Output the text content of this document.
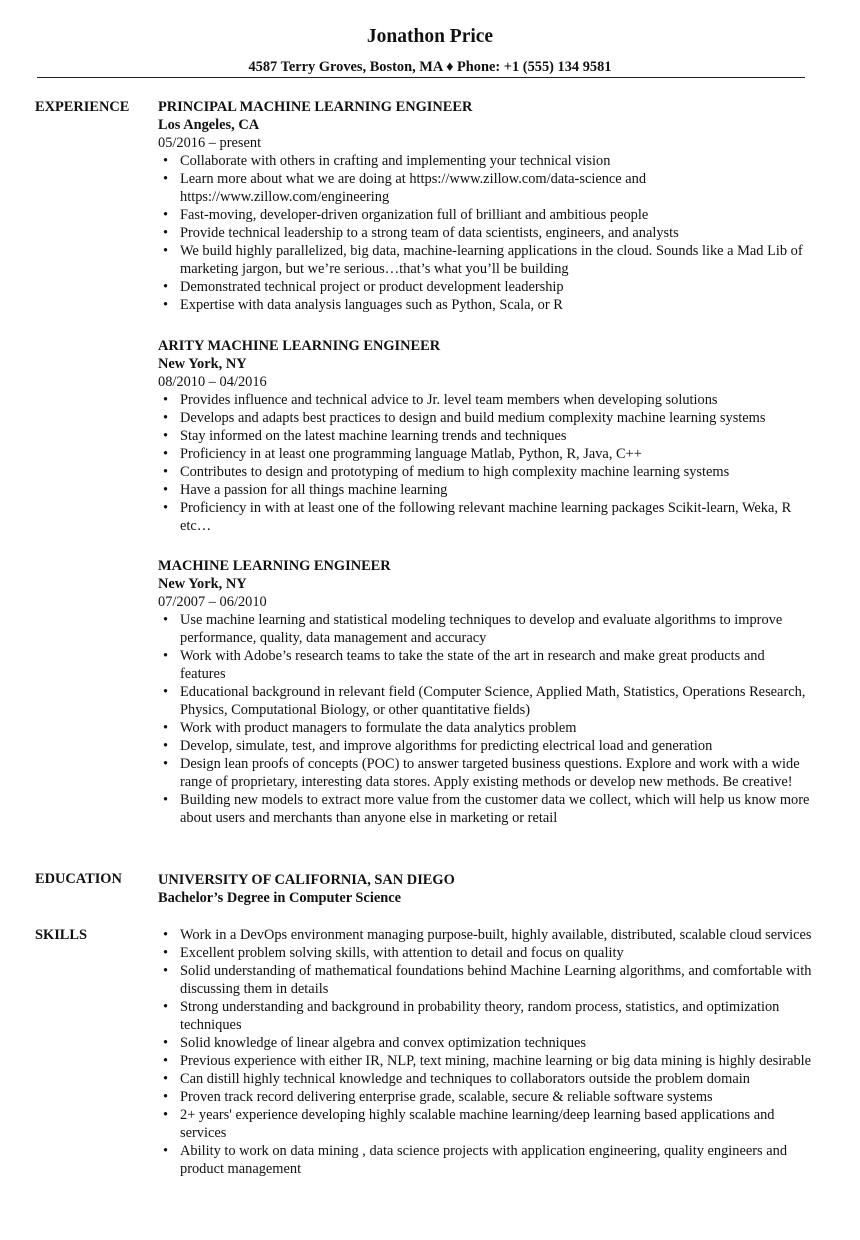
Jonathon Price
4587 Terry Groves, Boston, MA ♦ Phone: +1 (555) 134 9581
EXPERIENCE PRINCIPAL MACHINE LEARNING ENGINEER
Los Angeles, CA
05/2016 – present
• Collaborate with others in crafting and implementing your technical vision
• Learn more about what we are doing at https://www.zillow.com/data-science and https://www.zillow.com/engineering
• Fast-moving, developer-driven organization full of brilliant and ambitious people
• Provide technical leadership to a strong team of data scientists, engineers, and analysts
• We build highly parallelized, big data, machine-learning applications in the cloud. Sounds like a Mad Lib of marketing jargon, but we’re serious…that’s what you’ll be building
• Demonstrated technical project or product development leadership
• Expertise with data analysis languages such as Python, Scala, or R
ARITY MACHINE LEARNING ENGINEER
New York, NY
08/2010 – 04/2016
• Provides influence and technical advice to Jr. level team members when developing solutions
• Develops and adapts best practices to design and build medium complexity machine learning systems
• Stay informed on the latest machine learning trends and techniques
• Proficiency in at least one programming language Matlab, Python, R, Java, C++
• Contributes to design and prototyping of medium to high complexity machine learning systems
• Have a passion for all things machine learning
• Proficiency in with at least one of the following relevant machine learning packages Scikit-learn, Weka, R etc…
MACHINE LEARNING ENGINEER
New York, NY
07/2007 – 06/2010
• Use machine learning and statistical modeling techniques to develop and evaluate algorithms to improve performance, quality, data management and accuracy
• Work with Adobe’s research teams to take the state of the art in research and make great products and features
• Educational background in relevant field (Computer Science, Applied Math, Statistics, Operations Research, Physics, Computational Biology, or other quantitative fields)
• Work with product managers to formulate the data analytics problem
• Develop, simulate, test, and improve algorithms for predicting electrical load and generation
• Design lean proofs of concepts (POC) to answer targeted business questions. Explore and work with a wide range of proprietary, interesting data stores. Apply existing methods or develop new methods. Be creative!
• Building new models to extract more value from the customer data we collect, which will help us know more about users and merchants than anyone else in marketing or retail
EDUCATION	UNIVERSITY OF CALIFORNIA, SAN DIEGO
Bachelor’s Degree in Computer Science
SKILLS	• Work in a DevOps environment managing purpose-built, highly available, distributed, scalable cloud services
• Excellent problem solving skills, with attention to detail and focus on quality
• Solid understanding of mathematical foundations behind Machine Learning algorithms, and comfortable with discussing them in details
• Strong understanding and background in probability theory, random process, statistics, and optimization techniques
• Solid knowledge of linear algebra and convex optimization techniques
• Previous experience with either IR, NLP, text mining, machine learning or big data mining is highly desirable
• Can distill highly technical knowledge and techniques to collaborators outside the problem domain
• Proven track record delivering enterprise grade, scalable, secure & reliable software systems
• 2+ years' experience developing highly scalable machine learning/deep learning based applications and services
• Ability to work on data mining , data science projects with application engineering, quality engineers and product management
